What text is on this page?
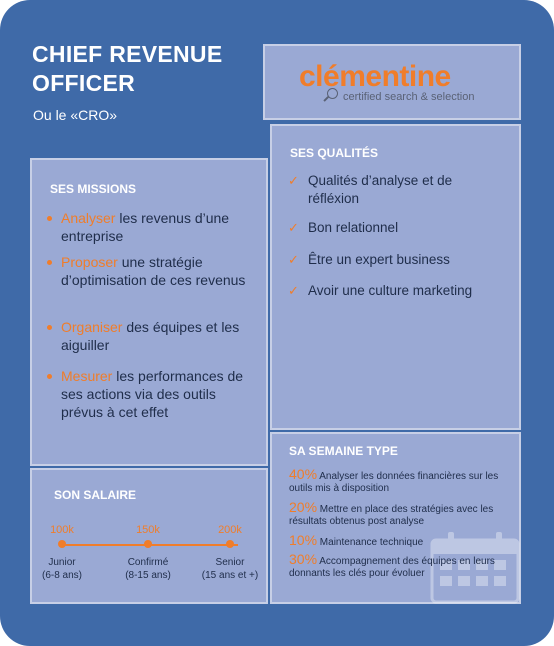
CHIEF REVENUE
OFFICER
Ou le «CRO»
clémentine
certified search & selection
SES MISSIONS
Analyser les revenus d’une entreprise
Proposer une stratégie d’optimisation de ces revenus
Organiser des équipes et les aiguiller
Mesurer les performances de ses actions via des outils prévus à cet effet
SES QUALITÉS
✓ Qualités d’analyse et de réfléxion
✓ Bon relationnel
✓ Être un expert business
✓ Avoir une culture marketing
SON SALAIRE
100k	150k	200k
Junior
(6-8 ans)
Confirmé
(8-15 ans)
Senior
(15 ans et +)
SA SEMAINE TYPE
40% Analyser les données financières sur les outils mis à disposition
20% Mettre en place des stratégies avec les résultats obtenus post analyse
10% Maintenance technique
30% Accompagnement des équipes en leurs donnants les clés pour évoluer
